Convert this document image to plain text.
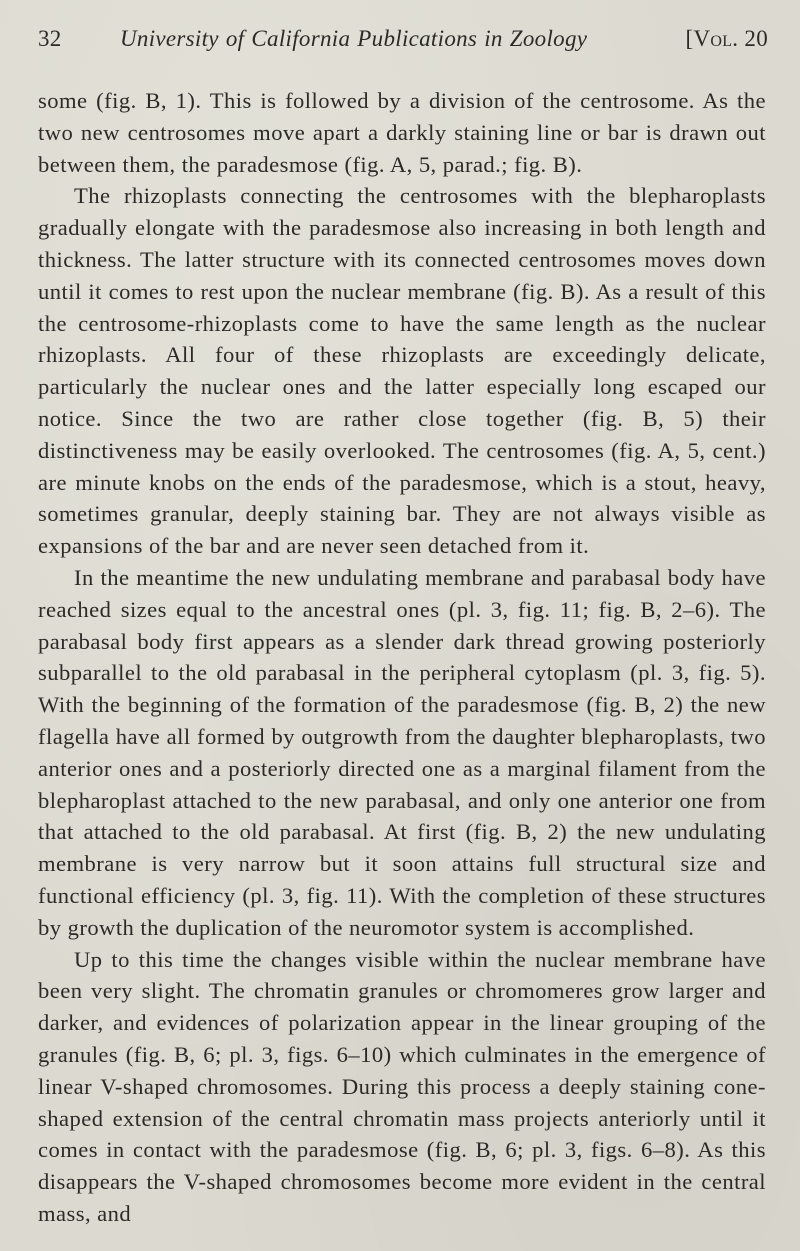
32	University of California Publications in Zoology	[Vol. 20

some (fig. B, 1). This is followed by a division of the centrosome. As the two new centrosomes move apart a darkly staining line or bar is drawn out between them, the paradesmose (fig. A, 5, parad.; fig. B).

The rhizoplasts connecting the centrosomes with the blepharoplasts gradually elongate with the paradesmose also increasing in both length and thickness. The latter structure with its connected centrosomes moves down until it comes to rest upon the nuclear membrane (fig. B). As a result of this the centrosome-rhizoplasts come to have the same length as the nuclear rhizoplasts. All four of these rhizoplasts are exceedingly delicate, particularly the nuclear ones and the latter especially long escaped our notice. Since the two are rather close together (fig. B, 5) their distinctiveness may be easily overlooked. The centrosomes (fig. A, 5, cent.) are minute knobs on the ends of the paradesmose, which is a stout, heavy, sometimes granular, deeply staining bar. They are not always visible as expansions of the bar and are never seen detached from it.

In the meantime the new undulating membrane and parabasal body have reached sizes equal to the ancestral ones (pl. 3, fig. 11; fig. B, 2–6). The parabasal body first appears as a slender dark thread growing posteriorly subparallel to the old parabasal in the peripheral cytoplasm (pl. 3, fig. 5). With the beginning of the formation of the paradesmose (fig. B, 2) the new flagella have all formed by outgrowth from the daughter blepharoplasts, two anterior ones and a posteriorly directed one as a marginal filament from the blepharoplast attached to the new parabasal, and only one anterior one from that attached to the old parabasal. At first (fig. B, 2) the new undulating membrane is very narrow but it soon attains full structural size and functional efficiency (pl. 3, fig. 11). With the completion of these structures by growth the duplication of the neuromotor system is accomplished.

Up to this time the changes visible within the nuclear membrane have been very slight. The chromatin granules or chromomeres grow larger and darker, and evidences of polarization appear in the linear grouping of the granules (fig. B, 6; pl. 3, figs. 6–10) which culminates in the emergence of linear V-shaped chromosomes. During this process a deeply staining cone-shaped extension of the central chromatin mass projects anteriorly until it comes in contact with the paradesmose (fig. B, 6; pl. 3, figs. 6–8). As this disappears the V-shaped chromosomes become more evident in the central mass, and
